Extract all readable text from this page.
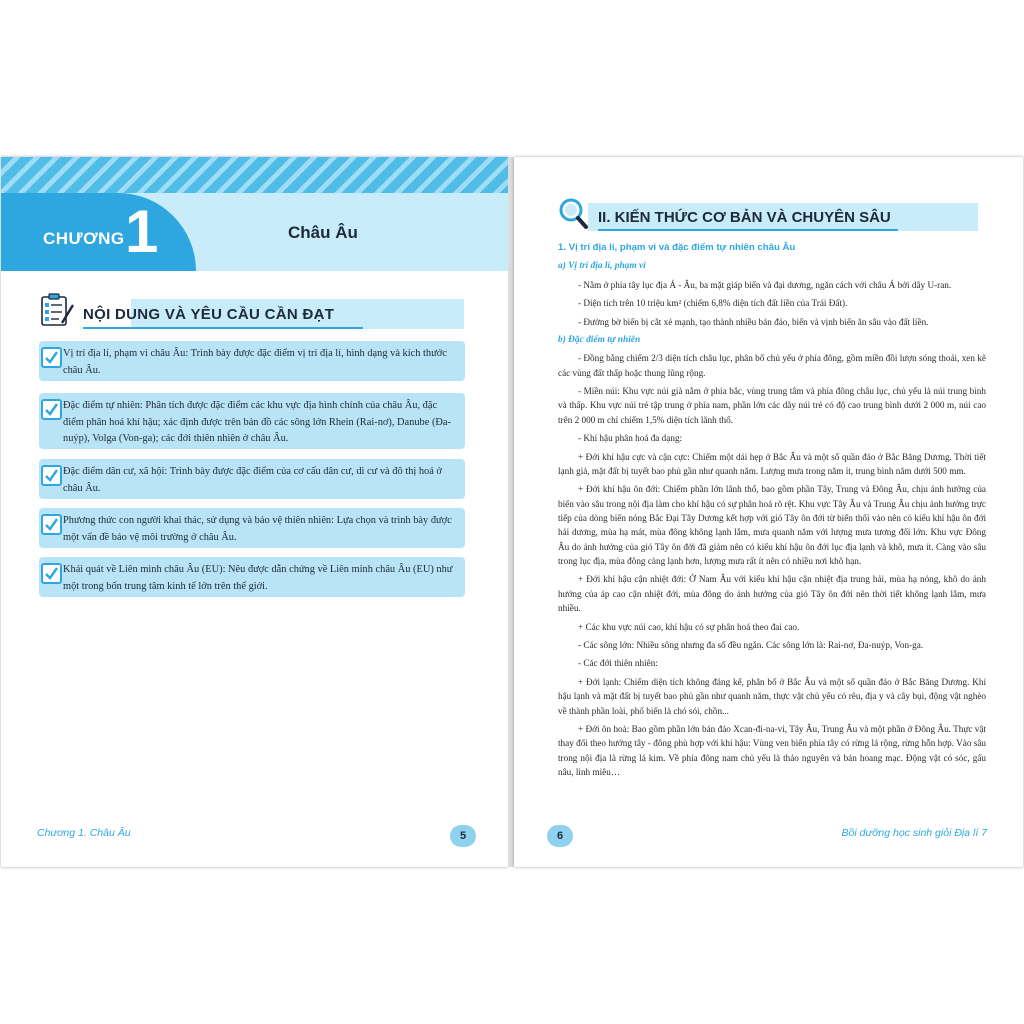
CHƯƠNG 1	Châu Âu
NỘI DUNG VÀ YÊU CẦU CẦN ĐẠT
Vị trí địa lí, phạm vi châu Âu: Trình bày được đặc điểm vị trí địa lí, hình dạng và kích thước châu Âu.
Đặc điểm tự nhiên: Phân tích được đặc điểm các khu vực địa hình chính của châu Âu, đặc điểm phân hoá khí hậu; xác định được trên bản đồ các sông lớn Rhein (Rai-nơ), Danube (Đa-nuýp), Volga (Von-ga); các đới thiên nhiên ở châu Âu.
Đặc điểm dân cư, xã hội: Trình bày được đặc điểm của cơ cấu dân cư, di cư và đô thị hoá ở châu Âu.
Phương thức con người khai thác, sử dụng và bảo vệ thiên nhiên: Lựa chọn và trình bày được một vấn đề bảo vệ môi trường ở châu Âu.
Khái quát về Liên minh châu Âu (EU): Nêu được dẫn chứng về Liên minh châu Âu (EU) như một trong bốn trung tâm kinh tế lớn trên thế giới.
Chương 1. Châu Âu	5
II. KIẾN THỨC CƠ BẢN VÀ CHUYÊN SÂU

1. Vị trí địa lí, phạm vi và đặc điểm tự nhiên châu Âu

a) Vị trí địa lí, phạm vi

- Nằm ở phía tây lục địa Á - Âu, ba mặt giáp biển và đại dương, ngăn cách với châu Á bởi dãy U-ran.

- Diện tích trên 10 triệu km² (chiếm 6,8% diện tích đất liền của Trái Đất).

- Đường bờ biển bị cắt xẻ mạnh, tạo thành nhiều bán đảo, biển và vịnh biển ăn sâu vào đất liền.

b) Đặc điểm tự nhiên

- Đồng bằng chiếm 2/3 diện tích châu lục, phân bố chủ yếu ở phía đông, gồm miền đồi lượn sóng thoải, xen kẽ các vùng đất thấp hoặc thung lũng rộng.

- Miền núi: Khu vực núi già nằm ở phía bắc, vùng trung tâm và phía đông châu lục, chủ yếu là núi trung bình và thấp. Khu vực núi trẻ tập trung ở phía nam, phần lớn các dãy núi trẻ có độ cao trung bình dưới 2 000 m, núi cao trên 2 000 m chỉ chiếm 1,5% diện tích lãnh thổ.

- Khí hậu phân hoá đa dạng:

+ Đới khí hậu cực và cận cực: Chiếm một dải hẹp ở Bắc Âu và một số quần đảo ở Bắc Băng Dương. Thời tiết lạnh giá, mặt đất bị tuyết bao phủ gần như quanh năm. Lượng mưa trong năm ít, trung bình năm dưới 500 mm.

+ Đới khí hậu ôn đới: Chiếm phần lớn lãnh thổ, bao gồm phần Tây, Trung và Đông Âu, chịu ảnh hưởng của biển vào sâu trong nội địa làm cho khí hậu có sự phân hoá rõ rệt. Khu vực Tây Âu và Trung Âu chịu ảnh hưởng trực tiếp của dòng biển nóng Bắc Đại Tây Dương kết hợp với gió Tây ôn đới từ biển thổi vào nên có kiểu khí hậu ôn đới hải dương, mùa hạ mát, mùa đông không lạnh lắm, mưa quanh năm với lượng mưa tương đối lớn. Khu vực Đông Âu do ảnh hưởng của gió Tây ôn đới đã giảm nên có kiểu khí hậu ôn đới lục địa lạnh và khô, mưa ít. Càng vào sâu trong lục địa, mùa đông càng lạnh hơn, lượng mưa rất ít nên có nhiều nơi khô hạn.

+ Đới khí hậu cận nhiệt đới: Ở Nam Âu với kiểu khí hậu cận nhiệt địa trung hải, mùa hạ nóng, khô do ảnh hưởng của áp cao cận nhiệt đới, mùa đông do ảnh hưởng của gió Tây ôn đới nên thời tiết không lạnh lắm, mưa nhiều.

+ Các khu vực núi cao, khí hậu có sự phân hoá theo đai cao.

- Các sông lớn: Nhiều sông nhưng đa số đều ngắn. Các sông lớn là: Rai-nơ, Đa-nuýp, Von-ga.

- Các đới thiên nhiên:

+ Đới lạnh: Chiếm diện tích không đáng kể, phân bố ở Bắc Âu và một số quần đảo ở Bắc Băng Dương. Khí hậu lạnh và mặt đất bị tuyết bao phủ gần như quanh năm, thực vật chủ yếu có rêu, địa y và cây bụi, động vật nghèo về thành phần loài, phổ biến là chó sói, chồn...

+ Đới ôn hoà: Bao gồm phần lớn bán đảo Xcan-đi-na-vi, Tây Âu, Trung Âu và một phần ở Đông Âu. Thực vật thay đổi theo hướng tây - đông phù hợp với khí hậu: Vùng ven biển phía tây có rừng lá rộng, rừng hỗn hợp. Vào sâu trong nội địa là rừng lá kim. Về phía đông nam chủ yếu là thảo nguyên và bán hoang mạc. Động vật có sóc, gấu nâu, linh miêu…

6	Bồi dưỡng học sinh giỏi Địa lí 7
